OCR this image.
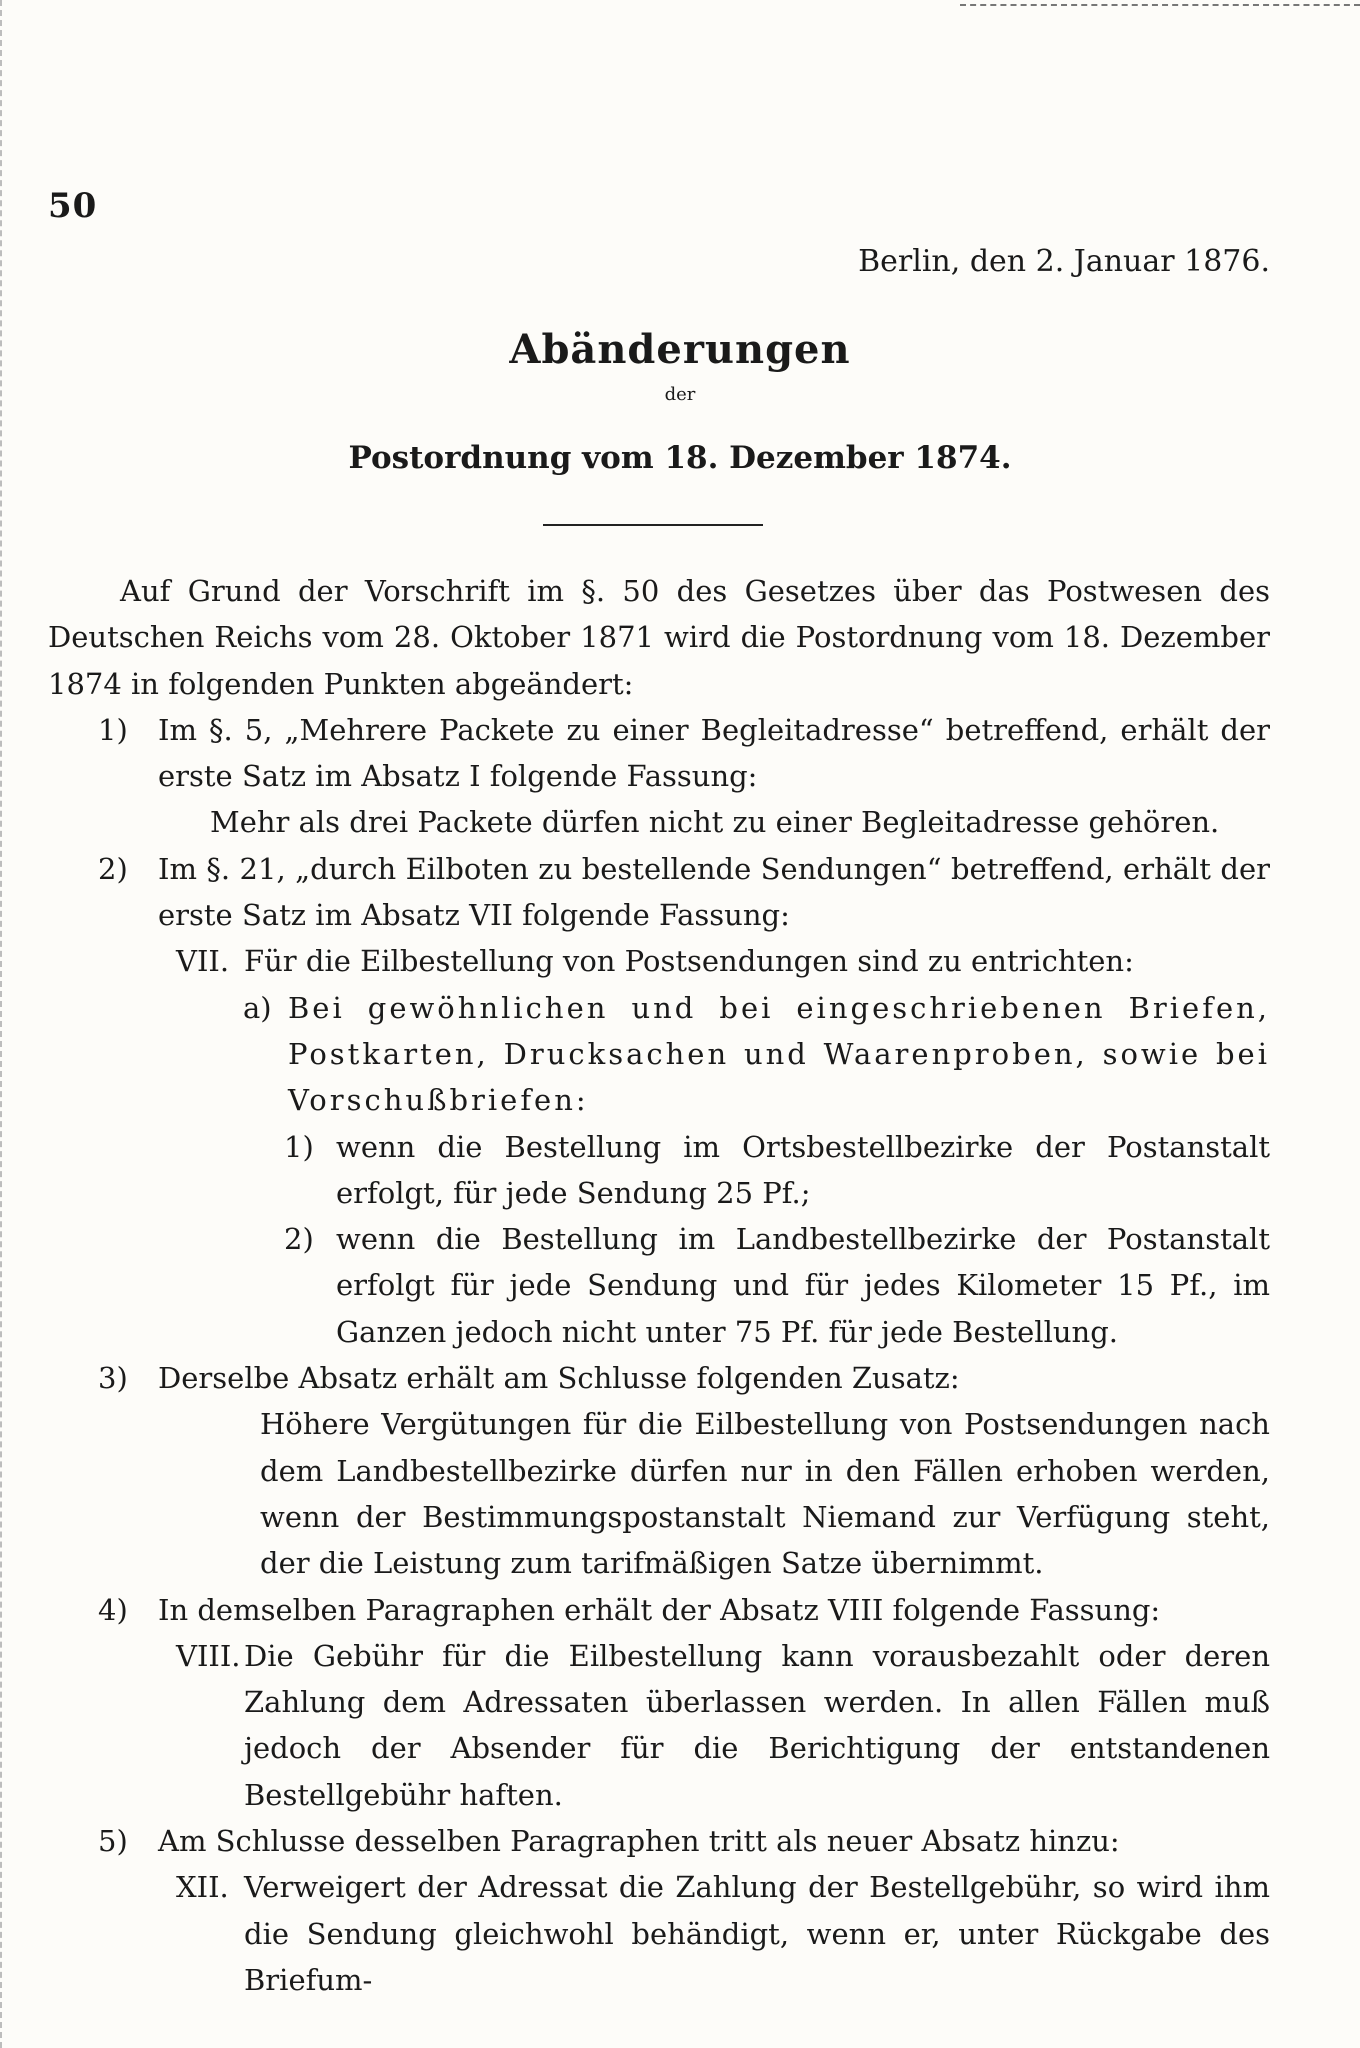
50
Berlin, den 2. Januar 1876.
Abänderungen
der
Postordnung vom 18. Dezember 1874.

Auf Grund der Vorschrift im §. 50 des Gesetzes über das Postwesen des Deutschen Reichs vom 28. Oktober 1871 wird die Postordnung vom 18. Dezember 1874 in folgenden Punkten abgeändert:

1) Im §. 5, „Mehrere Packete zu einer Begleitadresse“ betreffend, erhält der erste Satz im Absatz I folgende Fassung:

Mehr als drei Packete dürfen nicht zu einer Begleitadresse gehören.

2) Im §. 21, „durch Eilboten zu bestellende Sendungen“ betreffend, erhält der erste Satz im Absatz VII folgende Fassung:

VII. Für die Eilbestellung von Postsendungen sind zu entrichten:

a) Bei gewöhnlichen und bei eingeschriebenen Briefen, Postkarten, Drucksachen und Waarenproben, sowie bei Vorschußbriefen:

1) wenn die Bestellung im Ortsbestellbezirke der Postanstalt erfolgt, für jede Sendung 25 Pf.;

2) wenn die Bestellung im Landbestellbezirke der Postanstalt erfolgt für jede Sendung und für jedes Kilometer 15 Pf., im Ganzen jedoch nicht unter 75 Pf. für jede Bestellung.

3) Derselbe Absatz erhält am Schlusse folgenden Zusatz:

Höhere Vergütungen für die Eilbestellung von Postsendungen nach dem Landbestellbezirke dürfen nur in den Fällen erhoben werden, wenn der Bestimmungspostanstalt Niemand zur Verfügung steht, der die Leistung zum tarifmäßigen Satze übernimmt.

4) In demselben Paragraphen erhält der Absatz VIII folgende Fassung:

VIII. Die Gebühr für die Eilbestellung kann vorausbezahlt oder deren Zahlung dem Adressaten überlassen werden. In allen Fällen muß jedoch der Absender für die Berichtigung der entstandenen Bestellgebühr haften.

5) Am Schlusse desselben Paragraphen tritt als neuer Absatz hinzu:

XII. Verweigert der Adressat die Zahlung der Bestellgebühr, so wird ihm die Sendung gleichwohl behändigt, wenn er, unter Rückgabe des Briefum-
